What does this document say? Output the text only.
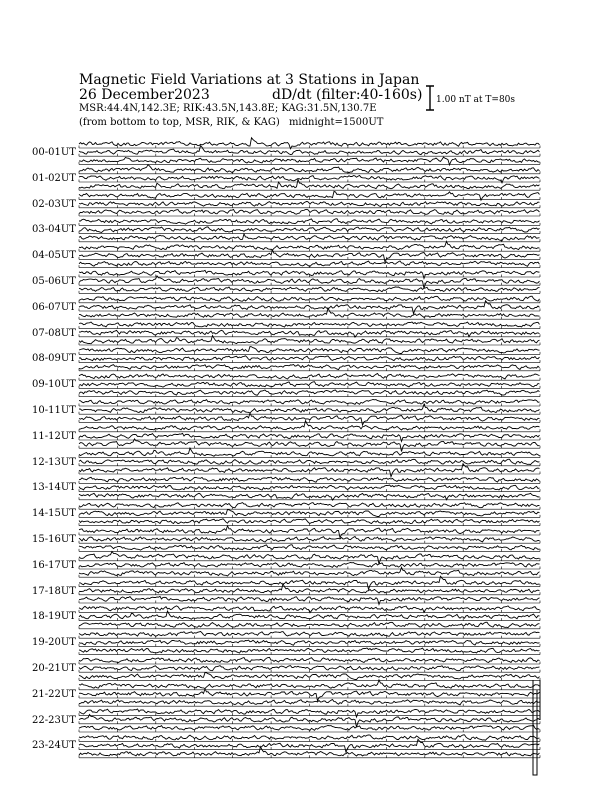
Magnetic Field Variations at 3 Stations in Japan
26 December2023	dD/dt (filter:40-160s)
MSR:44.4N,142.3E; RIK:43.5N,143.8E; KAG:31.5N,130.7E
(from bottom to top, MSR, RIK, & KAG) midnight=1500UT
1.00 nT at T=80s
00-01UT
01-02UT
02-03UT
03-04UT
04-05UT
05-06UT
06-07UT
07-08UT
08-09UT
09-10UT
10-11UT
11-12UT
12-13UT
13-14UT
14-15UT
15-16UT
16-17UT
17-18UT
18-19UT
19-20UT
20-21UT
21-22UT
22-23UT
23-24UT
